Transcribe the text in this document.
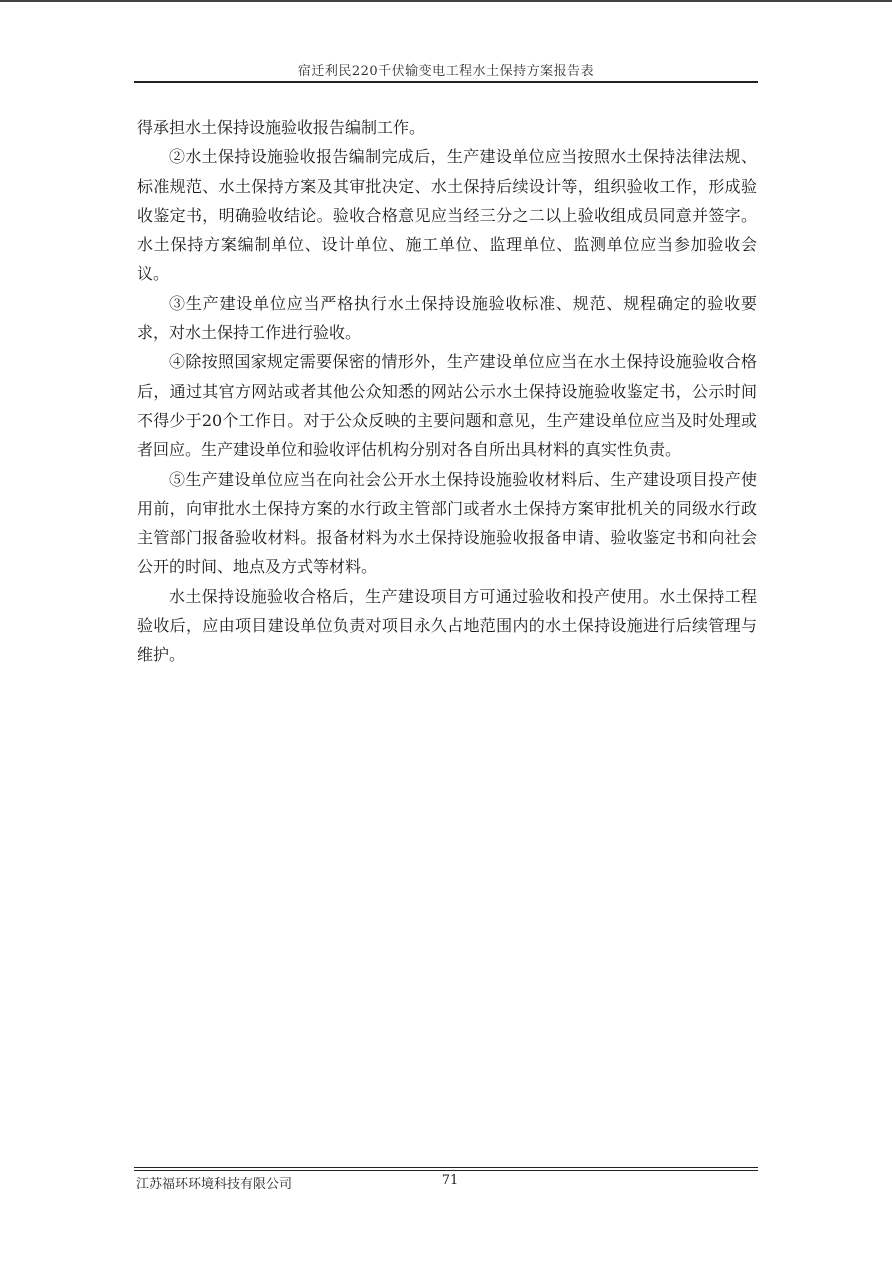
宿迁利民220千伏输变电工程水土保持方案报告表

得承担水土保持设施验收报告编制工作。

②水土保持设施验收报告编制完成后，生产建设单位应当按照水土保持法律法规、标准规范、水土保持方案及其审批决定、水土保持后续设计等，组织验收工作，形成验收鉴定书，明确验收结论。验收合格意见应当经三分之二以上验收组成员同意并签字。水土保持方案编制单位、设计单位、施工单位、监理单位、监测单位应当参加验收会议。

③生产建设单位应当严格执行水土保持设施验收标准、规范、规程确定的验收要求，对水土保持工作进行验收。

④除按照国家规定需要保密的情形外，生产建设单位应当在水土保持设施验收合格后，通过其官方网站或者其他公众知悉的网站公示水土保持设施验收鉴定书，公示时间不得少于20个工作日。对于公众反映的主要问题和意见，生产建设单位应当及时处理或者回应。生产建设单位和验收评估机构分别对各自所出具材料的真实性负责。

⑤生产建设单位应当在向社会公开水土保持设施验收材料后、生产建设项目投产使用前，向审批水土保持方案的水行政主管部门或者水土保持方案审批机关的同级水行政主管部门报备验收材料。报备材料为水土保持设施验收报备申请、验收鉴定书和向社会公开的时间、地点及方式等材料。

水土保持设施验收合格后，生产建设项目方可通过验收和投产使用。水土保持工程验收后，应由项目建设单位负责对项目永久占地范围内的水土保持设施进行后续管理与维护。

江苏福环环境科技有限公司	71
